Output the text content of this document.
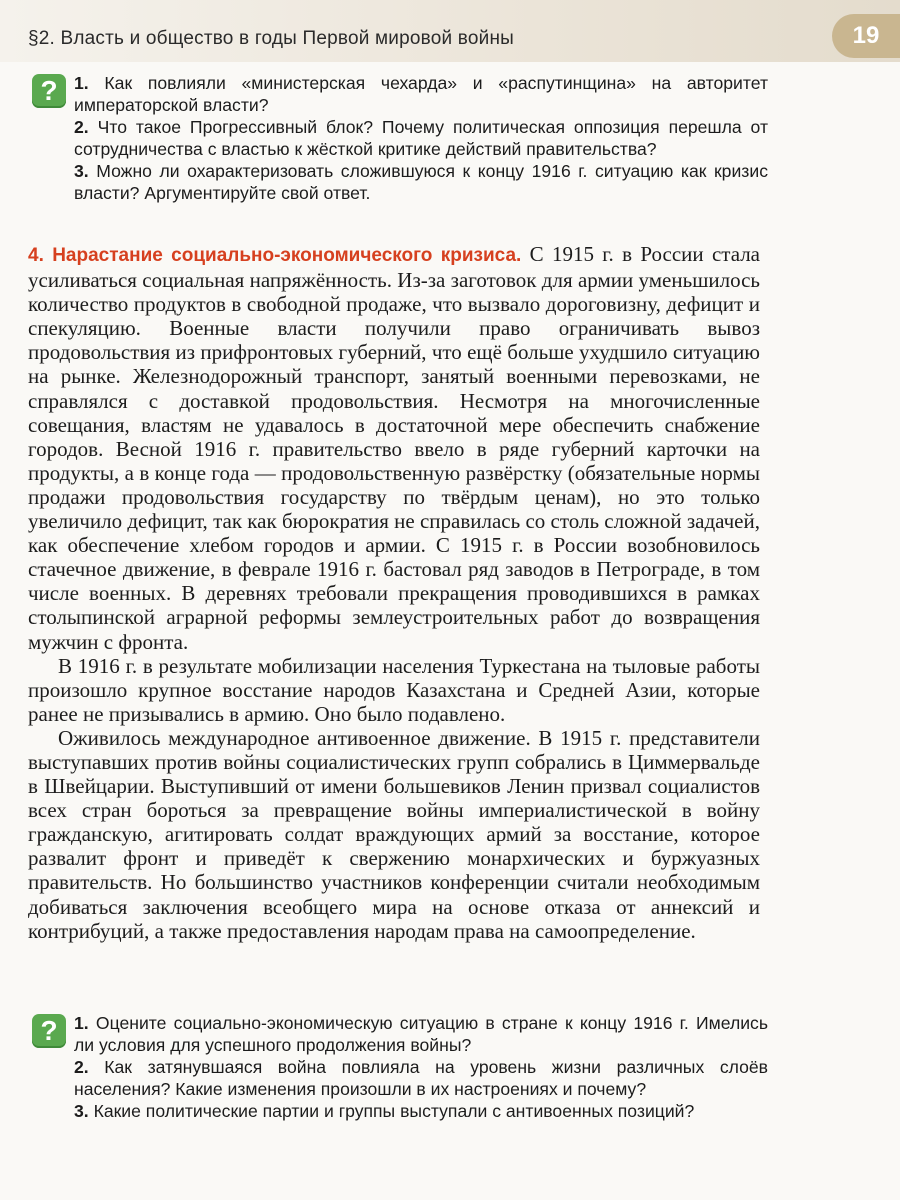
§2. Власть и общество в годы Первой мировой войны	19
? 1. Как повлияли «министерская чехарда» и «распутинщина» на авторитет императорской власти?
2. Что такое Прогрессивный блок? Почему политическая оппозиция перешла от сотрудничества с властью к жёсткой критике действий правительства?
3. Можно ли охарактеризовать сложившуюся к концу 1916 г. ситуацию как кризис власти? Аргументируйте свой ответ.

4. Нарастание социально-экономического кризиса. С 1915 г. в России стала усиливаться социальная напряжённость. Из-за заготовок для армии уменьшилось количество продуктов в свободной продаже, что вызвало дороговизну, дефицит и спекуляцию. Военные власти получили право ограничивать вывоз продовольствия из прифронтовых губерний, что ещё больше ухудшило ситуацию на рынке. Железнодорожный транспорт, занятый военными перевозками, не справлялся с доставкой продовольствия. Несмотря на многочисленные совещания, властям не удавалось в достаточной мере обеспечить снабжение городов. Весной 1916 г. правительство ввело в ряде губерний карточки на продукты, а в конце года — продовольственную развёрстку (обязательные нормы продажи продовольствия государству по твёрдым ценам), но это только увеличило дефицит, так как бюрократия не справилась со столь сложной задачей, как обеспечение хлебом городов и армии. С 1915 г. в России возобновилось стачечное движение, в феврале 1916 г. бастовал ряд заводов в Петрограде, в том числе военных. В деревнях требовали прекращения проводившихся в рамках столыпинской аграрной реформы землеустроительных работ до возвращения мужчин с фронта.

В 1916 г. в результате мобилизации населения Туркестана на тыловые работы произошло крупное восстание народов Казахстана и Средней Азии, которые ранее не призывались в армию. Оно было подавлено.

Оживилось международное антивоенное движение. В 1915 г. представители выступавших против войны социалистических групп собрались в Циммервальде в Швейцарии. Выступивший от имени большевиков Ленин призвал социалистов всех стран бороться за превращение войны империалистической в войну гражданскую, агитировать солдат враждующих армий за восстание, которое развалит фронт и приведёт к свержению монархических и буржуазных правительств. Но большинство участников конференции считали необходимым добиваться заключения всеобщего мира на основе отказа от аннексий и контрибуций, а также предоставления народам права на самоопределение.

? 1. Оцените социально-экономическую ситуацию в стране к концу 1916 г. Имелись ли условия для успешного продолжения войны?
2. Как затянувшаяся война повлияла на уровень жизни различных слоёв населения? Какие изменения произошли в их настроениях и почему?
3. Какие политические партии и группы выступали с антивоенных позиций?
